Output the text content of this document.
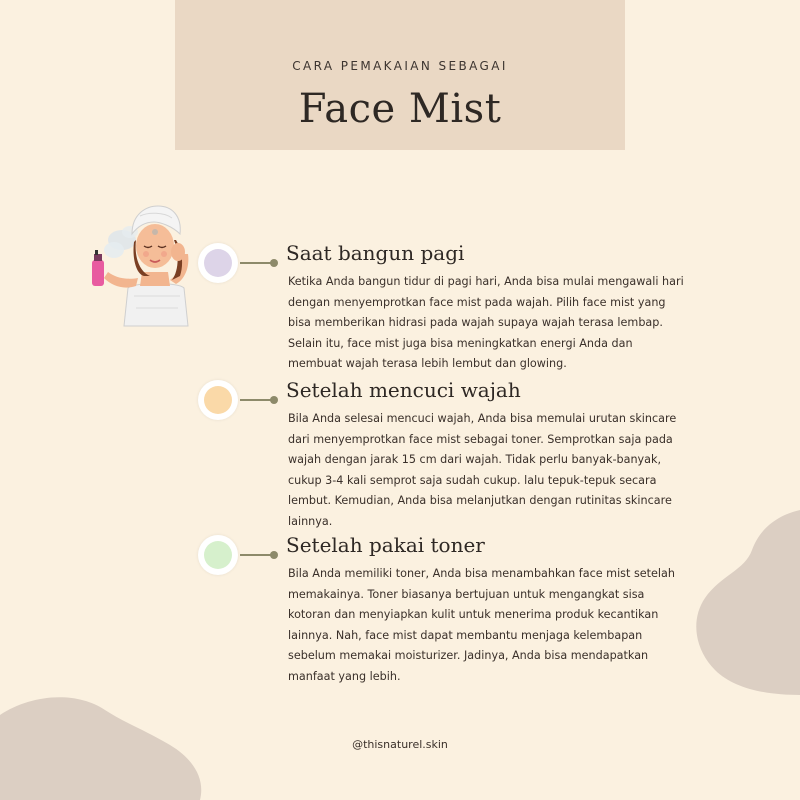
CARA PEMAKAIAN SEBAGAI
Face Mist
Saat bangun pagi
Ketika Anda bangun tidur di pagi hari, Anda bisa mulai mengawali hari dengan menyemprotkan face mist pada wajah. Pilih face mist yang bisa memberikan hidrasi pada wajah supaya wajah terasa lembap. Selain itu, face mist juga bisa meningkatkan energi Anda dan membuat wajah terasa lebih lembut dan glowing.
Setelah mencuci wajah
Bila Anda selesai mencuci wajah, Anda bisa memulai urutan skincare dari menyemprotkan face mist sebagai toner. Semprotkan saja pada wajah dengan jarak 15 cm dari wajah. Tidak perlu banyak-banyak, cukup 3-4 kali semprot saja sudah cukup. lalu tepuk-tepuk secara lembut. Kemudian, Anda bisa melanjutkan dengan rutinitas skincare lainnya.
Setelah pakai toner
Bila Anda memiliki toner, Anda bisa menambahkan face mist setelah memakainya. Toner biasanya bertujuan untuk mengangkat sisa kotoran dan menyiapkan kulit untuk menerima produk kecantikan lainnya. Nah, face mist dapat membantu menjaga kelembapan sebelum memakai moisturizer. Jadinya, Anda bisa mendapatkan manfaat yang lebih.
@thisnaturel.skin
